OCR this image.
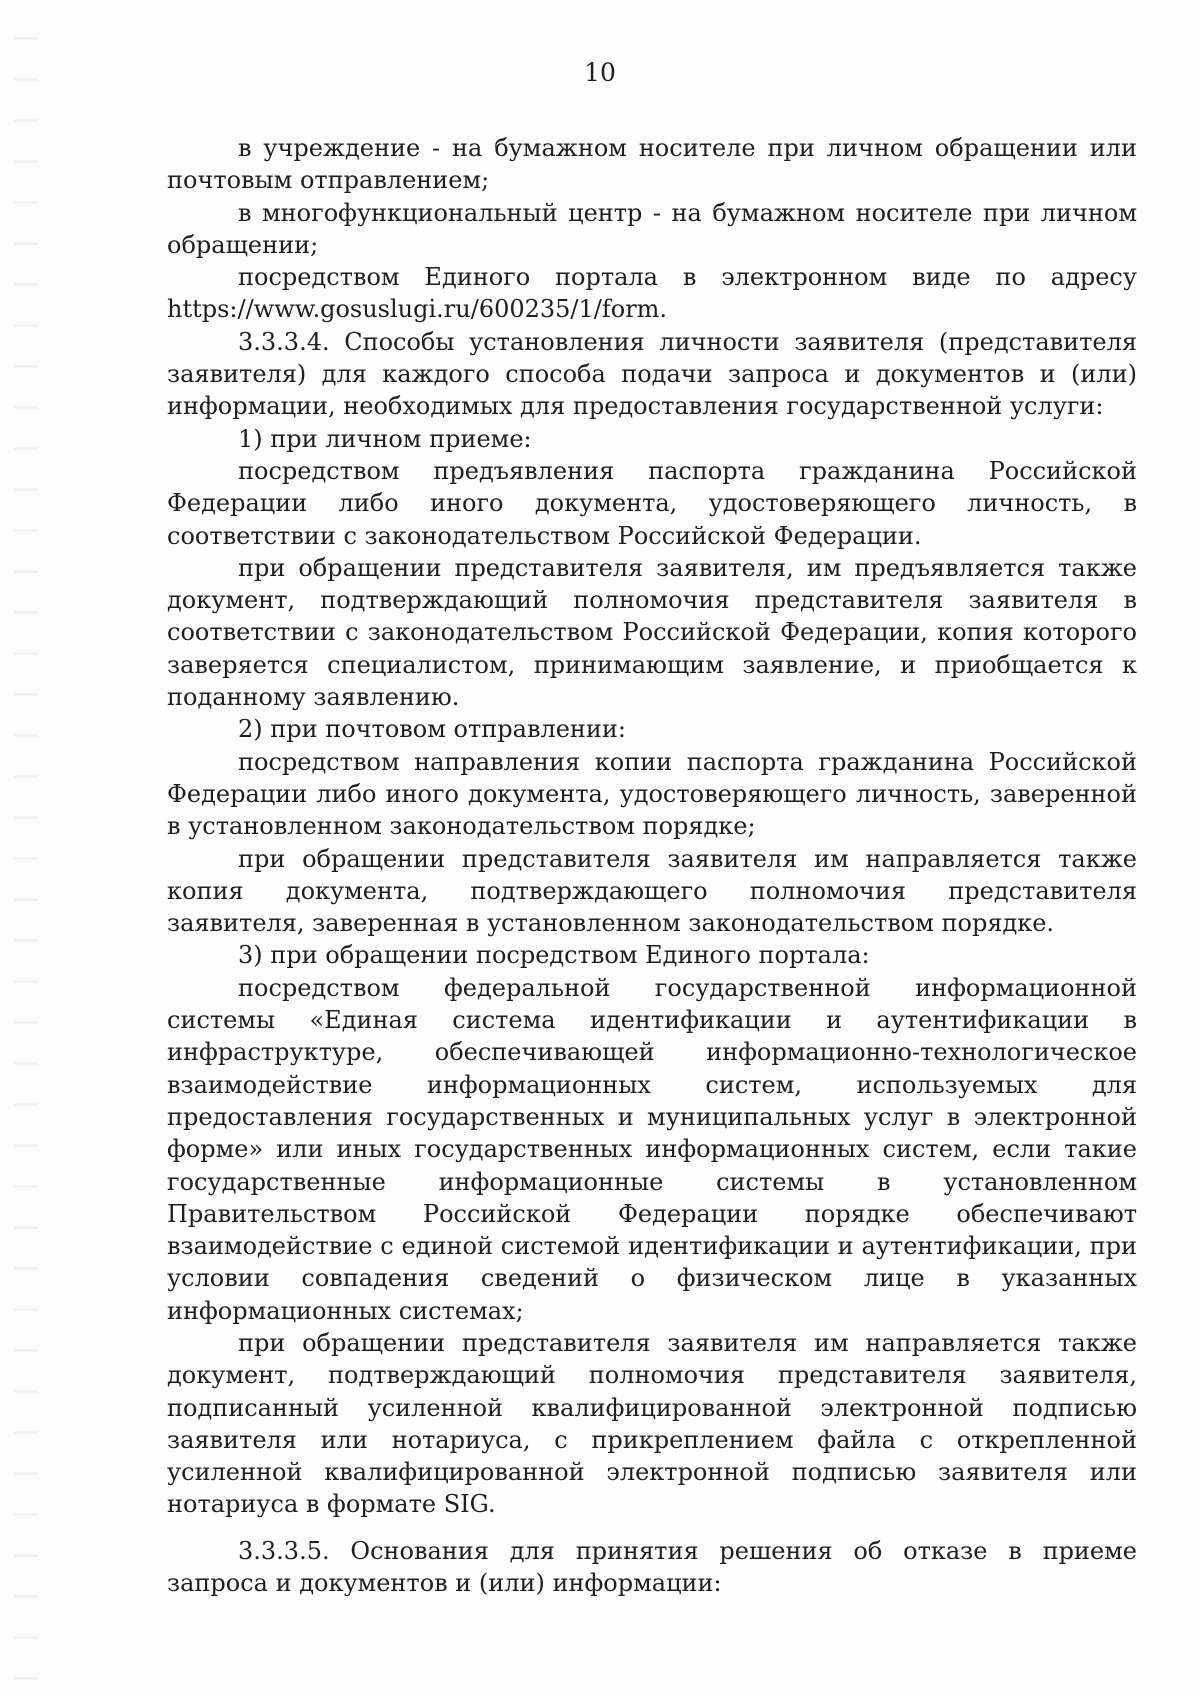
10

в учреждение - на бумажном носителе при личном обращении или почтовым отправлением;

в многофункциональный центр - на бумажном носителе при личном обращении;

посредством Единого портала в электронном виде по адресу https://www.gosuslugi.ru/600235/1/form.

3.3.3.4. Способы установления личности заявителя (представителя заявителя) для каждого способа подачи запроса и документов и (или) информации, необходимых для предоставления государственной услуги:

1) при личном приеме:

посредством предъявления паспорта гражданина Российской Федерации либо иного документа, удостоверяющего личность, в соответствии с законодательством Российской Федерации.

при обращении представителя заявителя, им предъявляется также документ, подтверждающий полномочия представителя заявителя в соответствии с законодательством Российской Федерации, копия которого заверяется специалистом, принимающим заявление, и приобщается к поданному заявлению.

2) при почтовом отправлении:

посредством направления копии паспорта гражданина Российской Федерации либо иного документа, удостоверяющего личность, заверенной в установленном законодательством порядке;

при обращении представителя заявителя им направляется также копия документа, подтверждающего полномочия представителя заявителя, заверенная в установленном законодательством порядке.

3) при обращении посредством Единого портала:

посредством федеральной государственной информационной системы «Единая система идентификации и аутентификации в инфраструктуре, обеспечивающей информационно-технологическое взаимодействие информационных систем, используемых для предоставления государственных и муниципальных услуг в электронной форме» или иных государственных информационных систем, если такие государственные информационные системы в установленном Правительством Российской Федерации порядке обеспечивают взаимодействие с единой системой идентификации и аутентификации, при условии совпадения сведений о физическом лице в указанных информационных системах;

при обращении представителя заявителя им направляется также документ, подтверждающий полномочия представителя заявителя, подписанный усиленной квалифицированной электронной подписью заявителя или нотариуса, с прикреплением файла с открепленной усиленной квалифицированной электронной подписью заявителя или нотариуса в формате SIG.

3.3.3.5. Основания для принятия решения об отказе в приеме запроса и документов и (или) информации:
